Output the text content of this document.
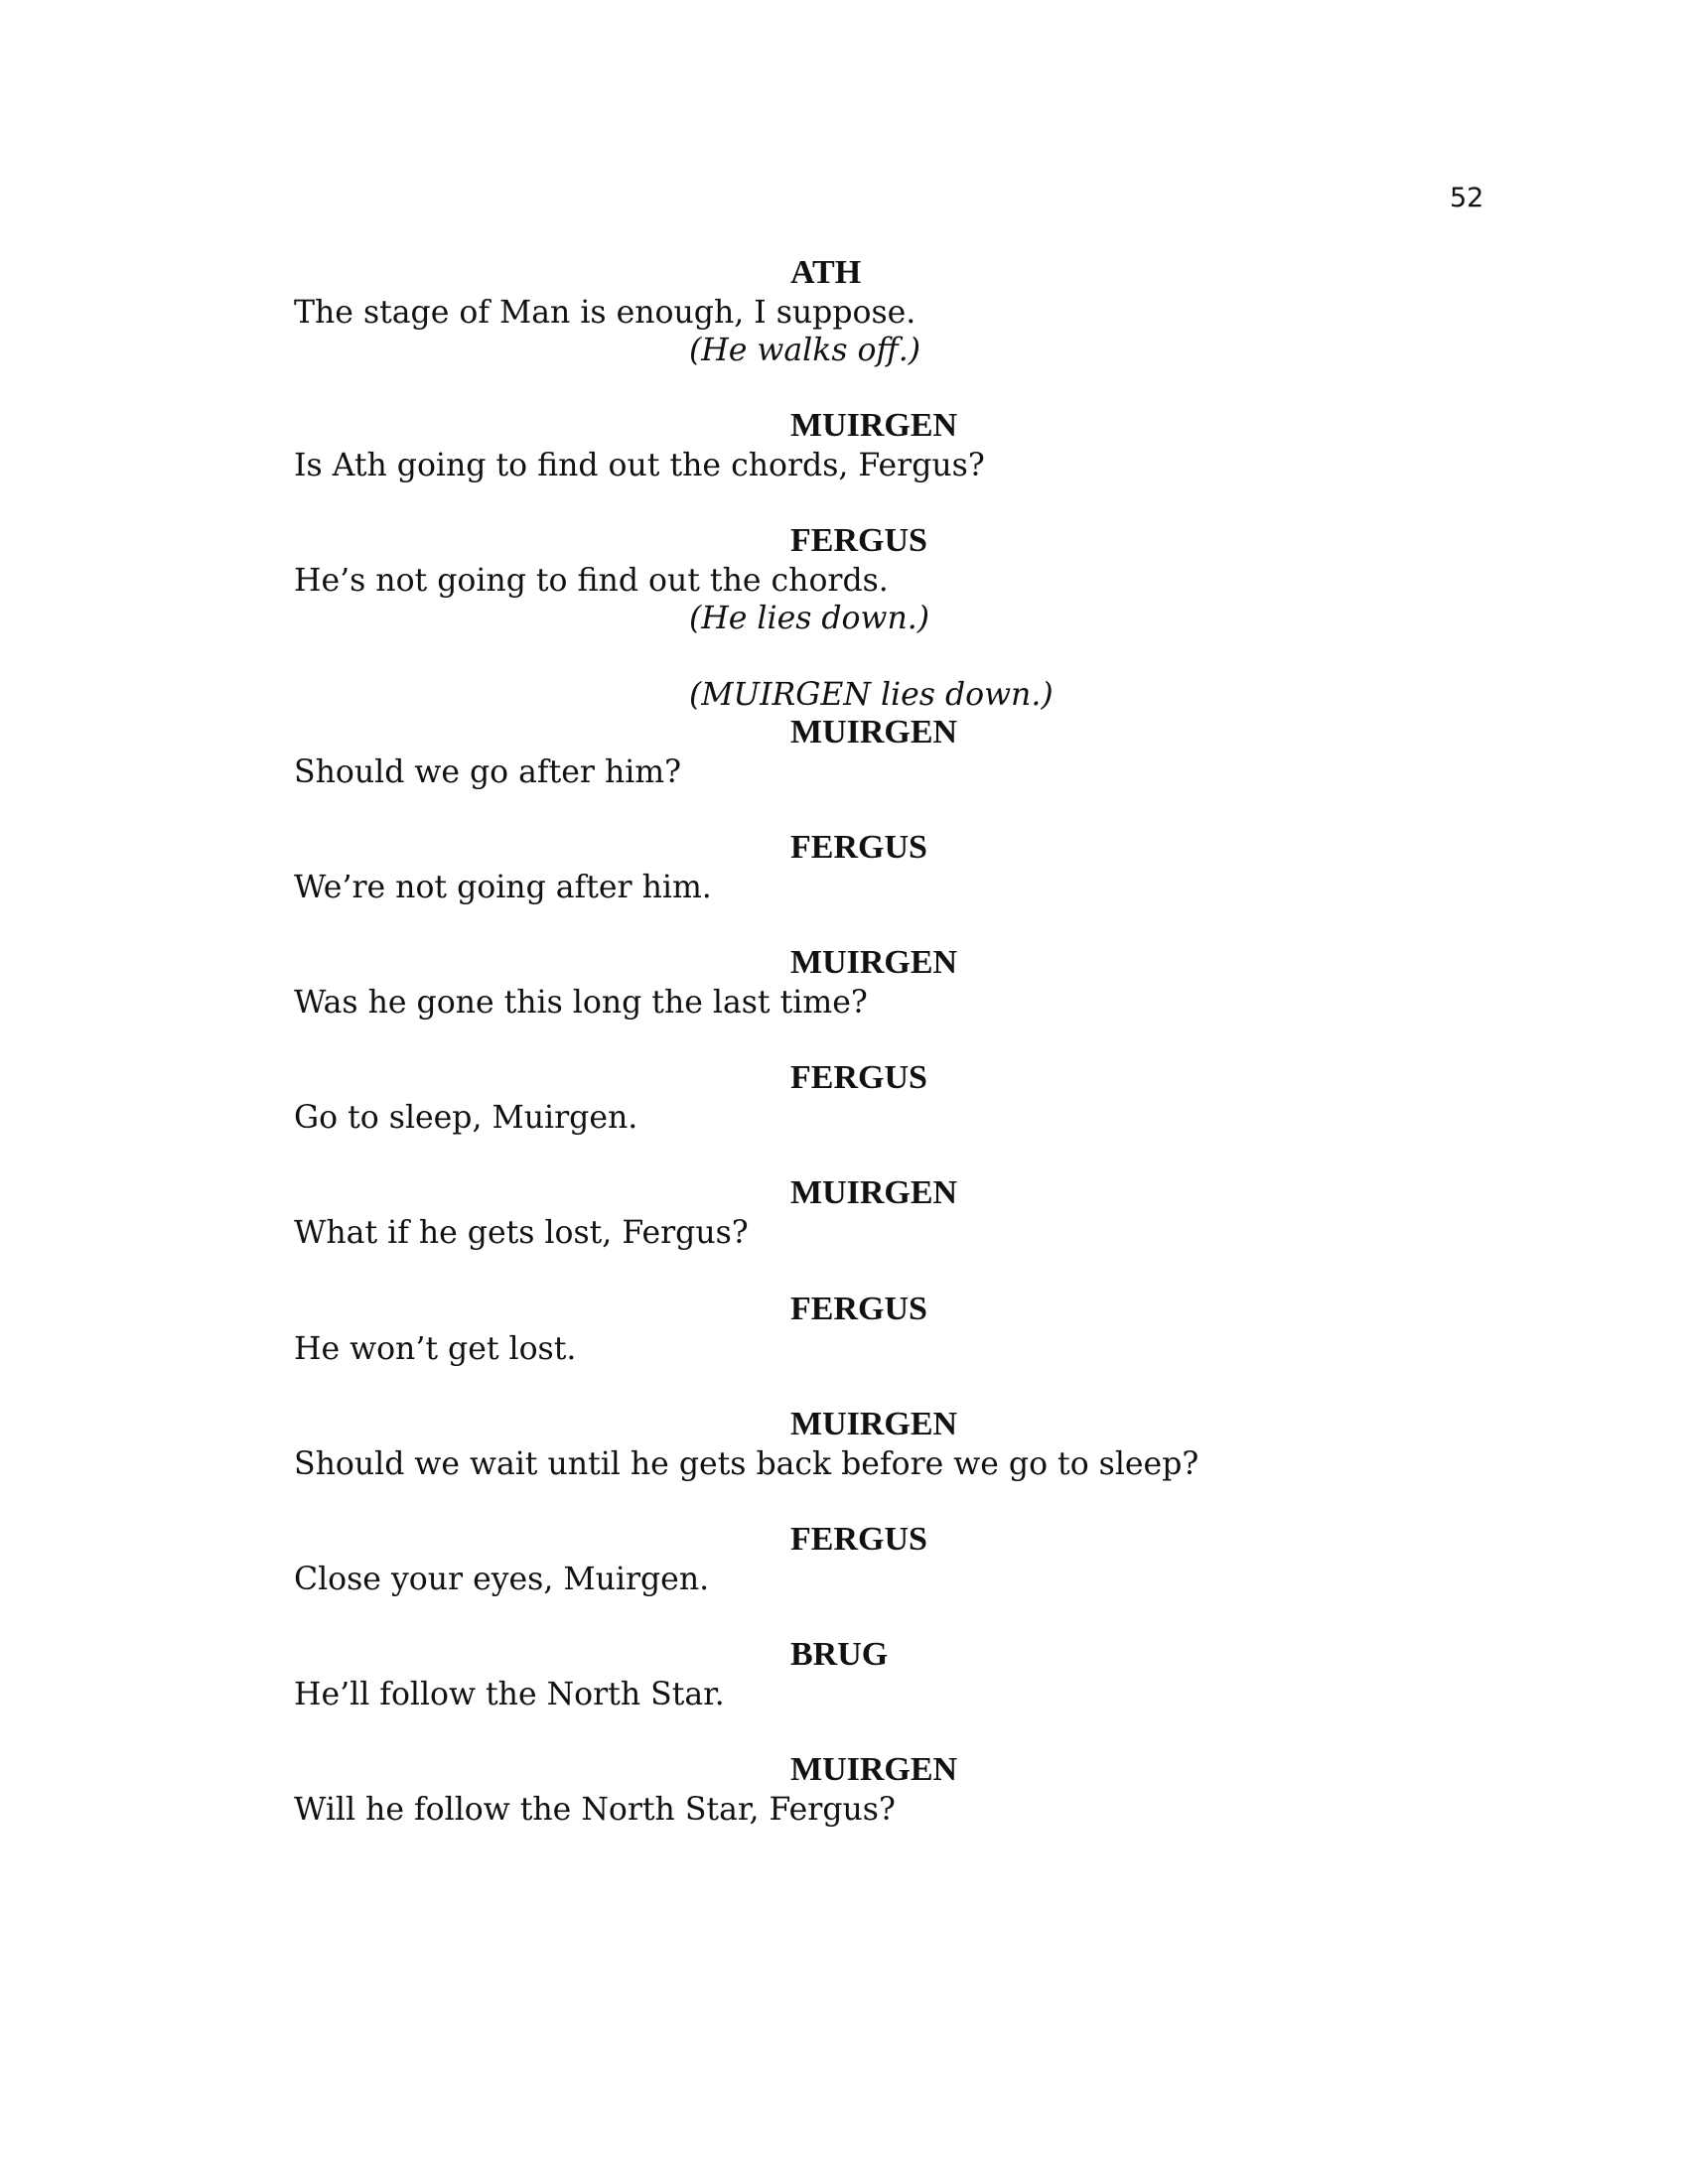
52
ATH
The stage of Man is enough, I suppose.
(He walks off.)
MUIRGEN
Is Ath going to find out the chords, Fergus?
FERGUS
He’s not going to find out the chords.
(He lies down.)
(MUIRGEN lies down.)
MUIRGEN
Should we go after him?
FERGUS
We’re not going after him.
MUIRGEN
Was he gone this long the last time?
FERGUS
Go to sleep, Muirgen.
MUIRGEN
What if he gets lost, Fergus?
FERGUS
He won’t get lost.
MUIRGEN
Should we wait until he gets back before we go to sleep?
FERGUS
Close your eyes, Muirgen.
BRUG
He’ll follow the North Star.
MUIRGEN
Will he follow the North Star, Fergus?
